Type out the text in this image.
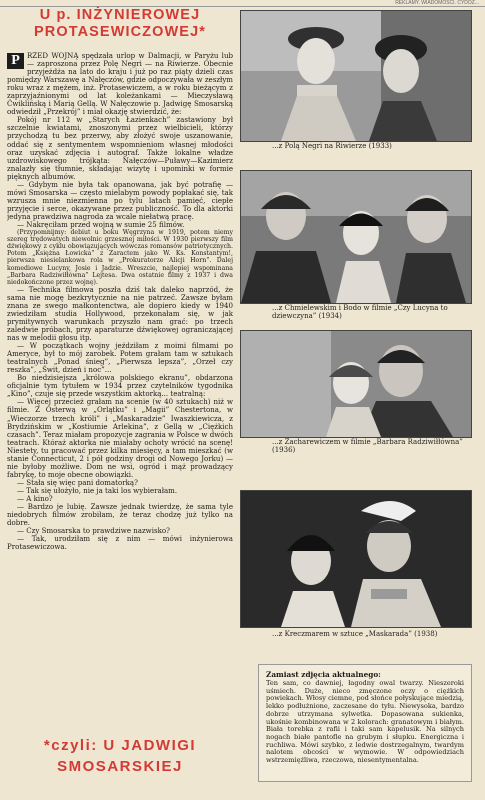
REKLAMY. WIADOMOŚCI. CYDOZ...
U p. INŻYNIEROWEJ
PROTASEWICZOWEJ*

P	RZED WOJNĄ spędzała urlop w Dalmacji, w Paryżu lub — zaproszona przez Polę Negri — na Riwierze. Obecnie przyjeżdża na lato do kraju i już po raz piąty dzieli czas pomiędzy Warszawę a Nałęczów, gdzie odpoczywała w zeszłym roku wraz z mężem, inż. Protasewiczem, a w roku bieżącym z zaprzyjaźnionymi od lat koleżankami — Mieczysławą Ćwiklińską i Marią Gellą. W Nałęczowie p. Jadwigę Smosarską odwiedził „Przekrój” i miał okazję stwierdzić, że:

Pokój nr 112 w „Starych Łazienkach” zastawiony był szczelnie kwiatami, znoszonymi przez wielbicieli, którzy przychodzą tu bez przerwy, aby złożyć swoje uszanowanie, oddać się z sentymentem wspomnieniom własnej młodości oraz uzyskać zdjęcia i autograf. Także lokalne władze uzdrowiskowego trójkąta: Nałęczów—Puławy—Kazimierz znalazły się tłumnie, składając wizytę i upominki w formie pięknych albumów.

— Gdybym nie była tak opanowana, jak być potrafię — mówi Smosarska — często mielabym powody popłakać się, tak wzrusza mnie niezmienna po tylu latach pamięć, ciepłe przyjęcie i serce, okazywane przez publiczność. To dla aktorki jedyna prawdziwa nagroda za wcale niełatwą pracę.

— Nakręciłam przed wojną w sumie 25 filmów.

(Przypomnijmy: debiut u boku Węgrzyna w 1919, potem niemy szereg trędowatych niewolnic grzesznej miłości. W 1930 pierwszy film dźwiękowy z cyklu obowiązujących wówczas romansów patriotycznych. Potem „Księżna Łowicka” z Zaractem jako W. Ks. Konstantym!, pierwsza niesielankowa rola w „Prokuratorze Alicji Horn”. Dalej komediowe Lucyny, Josie i Jadzie. Wreszcie, najlepiej wspominana „Barbara Radziwiłłówna” Lejtesa. Dwa ostatnie filmy z 1937 i dwa niedokończone przez wojnę).

— Technika filmowa poszła dziś tak daleko naprzód, że sama nie mogę bezkrytycznie na nie patrzeć. Zawsze byłam znana ze swego małkontenctwa, ale dopiero kiedy w 1940 zwiedziłam studia Hollywood, przekonałam się, w jak prymitywnych warunkach przyszło nam grać: po trzech zaledwie próbach, przy aparaturze dźwiękowej ograniczającej nas w melodii głosu itp.

— W początkach wojny jeździłam z moimi filmami po Ameryce, był to mój zarobek. Potem grałam tam w sztukach teatralnych „Ponad śnieg”, „Pierwsza lepsza”, „Orzeł czy reszka”, „Świt, dzień i noc”...

Bo niedzisiejsza „królowa polskiego ekranu”, obdarzona oficjalnie tym tytułem w 1934 przez czytelników tygodnika „Kino”, czuje się przede wszystkim aktorką... teatralną:

— Więcej przecież grałam na scenie (w 40 sztukach) niż w filmie. Z Osterwą w „Orlątku” i „Magii” Chestertona, w „Wieczorze trzech króli” i „Maskaradzie” Iwaszkiewicza, z Brydzińskim w „Kostiumie Arlekina”, z Gellą w „Ciężkich czasach”. Teraz miałam propozycje zagrania w Polsce w dwóch teatrach. Któraż aktorka nie miałaby ochoty wrócić na scenę! Niestety, tu pracować przez kilka miesięcy, a tam mieszkać (w stanie Connecticut, 2 i pół godziny drogi od Nowego Jorku) — nie byłoby możliwe. Dom ne wsi, ogród i mąż prowadzący fabrykę, to moje obecne obowiązki.

— Stała się więc pani domatorką?

— Tak się ułożyło, nie ja taki los wybierałam.

— A kino?

— Bardzo je lubię. Zawsze jednak twierdzę, że sama tyle niedobrych filmów zrobiłam, że teraz chodzę już tylko na dobre.

— Czy Smosarska to prawdziwe nazwisko?

— Tak, urodziłam się z nim — mówi inżynierowa Protasewiczowa.

*czyli: U JADWIGI
SMOSARSKIEJ
...z Polą Negri na Riwierze (1933)
...z Chmielewskim i Bodo w filmie „Czy Lucyna to dziewczyna” (1934)
...z Zacharewiczem w filmie „Barbara Radziwiłłówna” (1936)
...z Kreczmarem w sztuce „Maskarada” (1938)
Zamiast zdjęcia aktualnego:
Ten sam, co dawniej, łagodny owal twarzy. Nieszeroki uśmiech. Duże, nieco zmęczone oczy o ciężkich powiekach. Włosy ciemne, pod słońce połyskujące miedzią, lekko podłużnione, zaczesane do tyłu. Niewysoka, bardzo dobrze utrzymana sylwetka. Dopasowana sukienka, ukośnie kombinowana w 2 kolorach: granatowym i białym. Biała torebka z rafii i taki sam kapelusik. Na silnych nogach białe pantofle na grubym i słupku. Energiczna i ruchliwa. Mówi szybko, z ledwie dostrzegalnym, twardym nalotem obcości w wymowie. W odpowiedziach wstrzemięźliwa, rzeczowa, niesentymentalna.
